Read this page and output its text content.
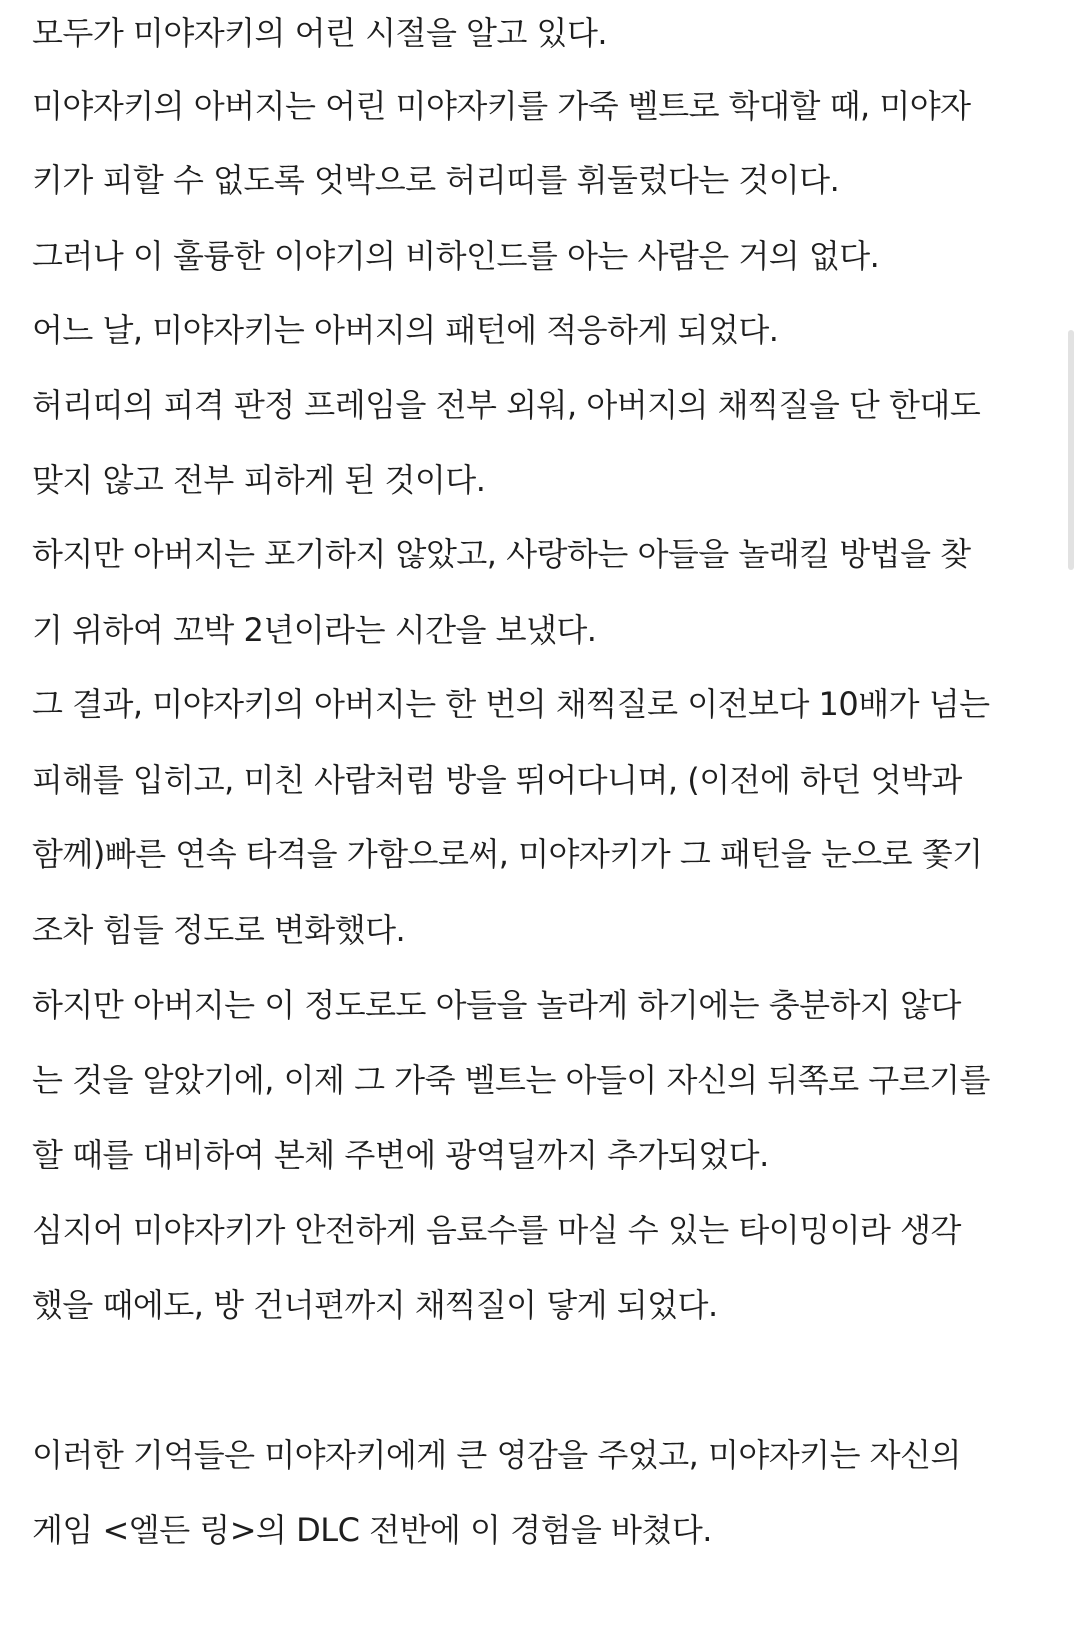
모두가 미야자키의 어린 시절을 알고 있다.
미야자키의 아버지는 어린 미야자키를 가죽 벨트로 학대할 때, 미야자
키가 피할 수 없도록 엇박으로 허리띠를 휘둘렀다는 것이다.
그러나 이 훌륭한 이야기의 비하인드를 아는 사람은 거의 없다.
어느 날, 미야자키는 아버지의 패턴에 적응하게 되었다.
허리띠의 피격 판정 프레임을 전부 외워, 아버지의 채찍질을 단 한대도
맞지 않고 전부 피하게 된 것이다.
하지만 아버지는 포기하지 않았고, 사랑하는 아들을 놀래킬 방법을 찾
기 위하여 꼬박 2년이라는 시간을 보냈다.
그 결과, 미야자키의 아버지는 한 번의 채찍질로 이전보다 10배가 넘는
피해를 입히고, 미친 사람처럼 방을 뛰어다니며, (이전에 하던 엇박과
함께)빠른 연속 타격을 가함으로써, 미야자키가 그 패턴을 눈으로 쫓기
조차 힘들 정도로 변화했다.
하지만 아버지는 이 정도로도 아들을 놀라게 하기에는 충분하지 않다
는 것을 알았기에, 이제 그 가죽 벨트는 아들이 자신의 뒤쪽로 구르기를
할 때를 대비하여 본체 주변에 광역딜까지 추가되었다.
심지어 미야자키가 안전하게 음료수를 마실 수 있는 타이밍이라 생각
했을 때에도, 방 건너편까지 채찍질이 닿게 되었다.
이러한 기억들은 미야자키에게 큰 영감을 주었고, 미야자키는 자신의
게임 <엘든 링>의 DLC 전반에 이 경험을 바쳤다.
